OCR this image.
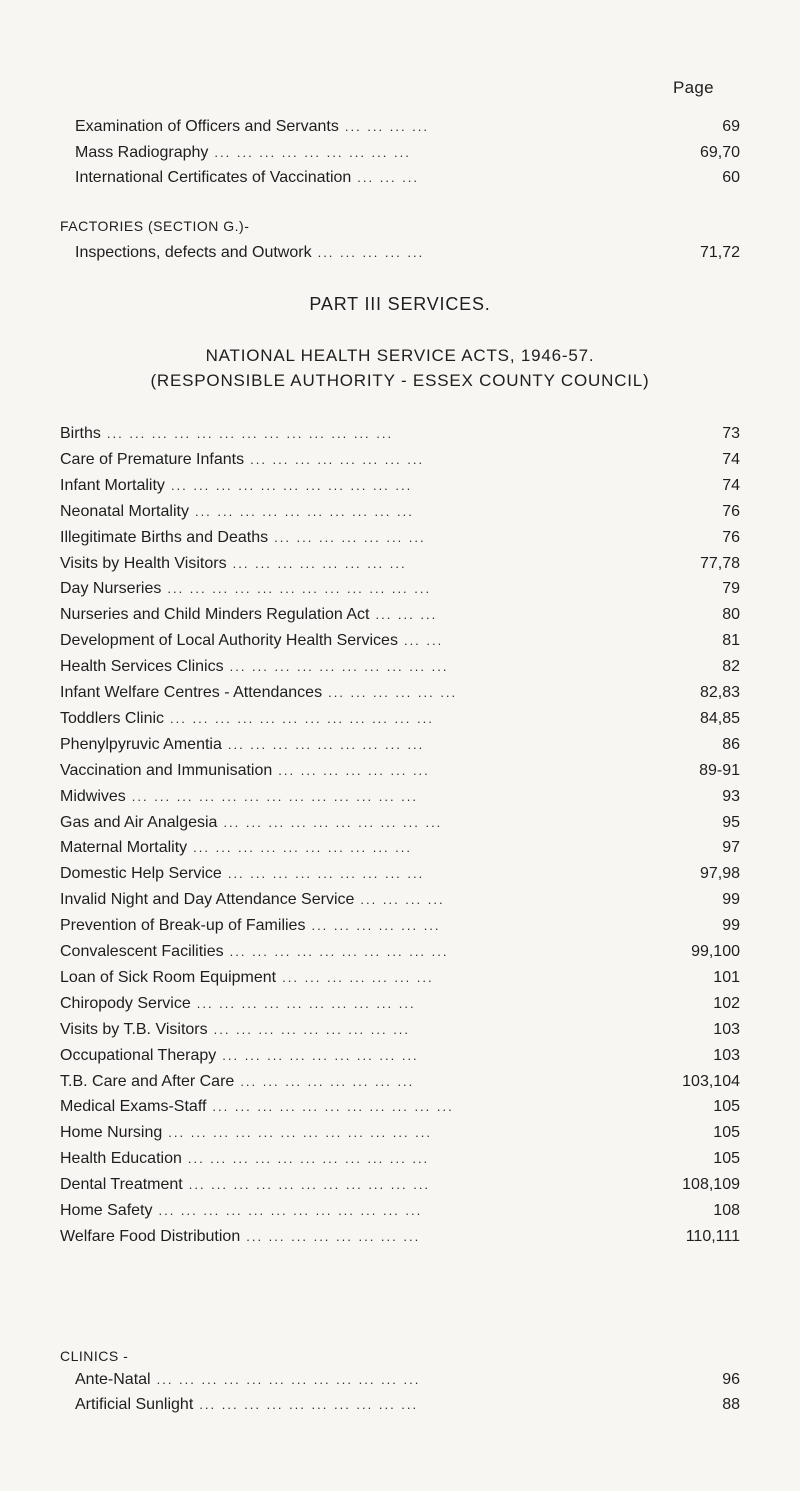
Page
Examination of Officers and Servants ... ... ... ...	69
Mass Radiography ... ... ... ... ... ... ... ... ...	69,70
International Certificates of Vaccination ... ... ...	60
FACTORIES (SECTION G.)-
Inspections, defects and Outwork ... ... ... ... ...	71,72
PART III SERVICES.
NATIONAL HEALTH SERVICE ACTS, 1946-57.
(RESPONSIBLE AUTHORITY - ESSEX COUNTY COUNCIL)
Births ... ... ... ... ... ... ... ... ... ... ... ... ...	73
Care of Premature Infants ... ... ... ... ... ... ... ...	74
Infant Mortality ... ... ... ... ... ... ... ... ... ... ...	74
Neonatal Mortality ... ... ... ... ... ... ... ... ... ...	76
Illegitimate Births and Deaths ... ... ... ... ... ... ...	76
Visits by Health Visitors ... ... ... ... ... ... ... ...	77,78
Day Nurseries ... ... ... ... ... ... ... ... ... ... ... ...	79
Nurseries and Child Minders Regulation Act ... ... ...	80
Development of Local Authority Health Services ... ...	81
Health Services Clinics ... ... ... ... ... ... ... ... ... ...	82
Infant Welfare Centres - Attendances ... ... ... ... ... ...	82,83
Toddlers Clinic ... ... ... ... ... ... ... ... ... ... ... ...	84,85
Phenylpyruvic Amentia ... ... ... ... ... ... ... ... ...	86
Vaccination and Immunisation ... ... ... ... ... ... ...	89-91
Midwives ... ... ... ... ... ... ... ... ... ... ... ... ...	93
Gas and Air Analgesia ... ... ... ... ... ... ... ... ... ...	95
Maternal Mortality ... ... ... ... ... ... ... ... ... ...	97
Domestic Help Service ... ... ... ... ... ... ... ... ...	97,98
Invalid Night and Day Attendance Service ... ... ... ...	99
Prevention of Break-up of Families ... ... ... ... ... ...	99
Convalescent Facilities ... ... ... ... ... ... ... ... ... ...	99,100
Loan of Sick Room Equipment ... ... ... ... ... ... ...	101
Chiropody Service ... ... ... ... ... ... ... ... ... ...	102
Visits by T.B. Visitors ... ... ... ... ... ... ... ... ...	103
Occupational Therapy ... ... ... ... ... ... ... ... ...	103
T.B. Care and After Care ... ... ... ... ... ... ... ...	103,104
Medical Exams-Staff ... ... ... ... ... ... ... ... ... ... ...	105
Home Nursing ... ... ... ... ... ... ... ... ... ... ... ...	105
Health Education ... ... ... ... ... ... ... ... ... ... ...	105
Dental Treatment ... ... ... ... ... ... ... ... ... ... ...	108,109
Home Safety ... ... ... ... ... ... ... ... ... ... ... ...	108
Welfare Food Distribution ... ... ... ... ... ... ... ...	110,111
CLINICS -
Ante-Natal ... ... ... ... ... ... ... ... ... ... ... ...	96
Artificial Sunlight ... ... ... ... ... ... ... ... ... ...	88
